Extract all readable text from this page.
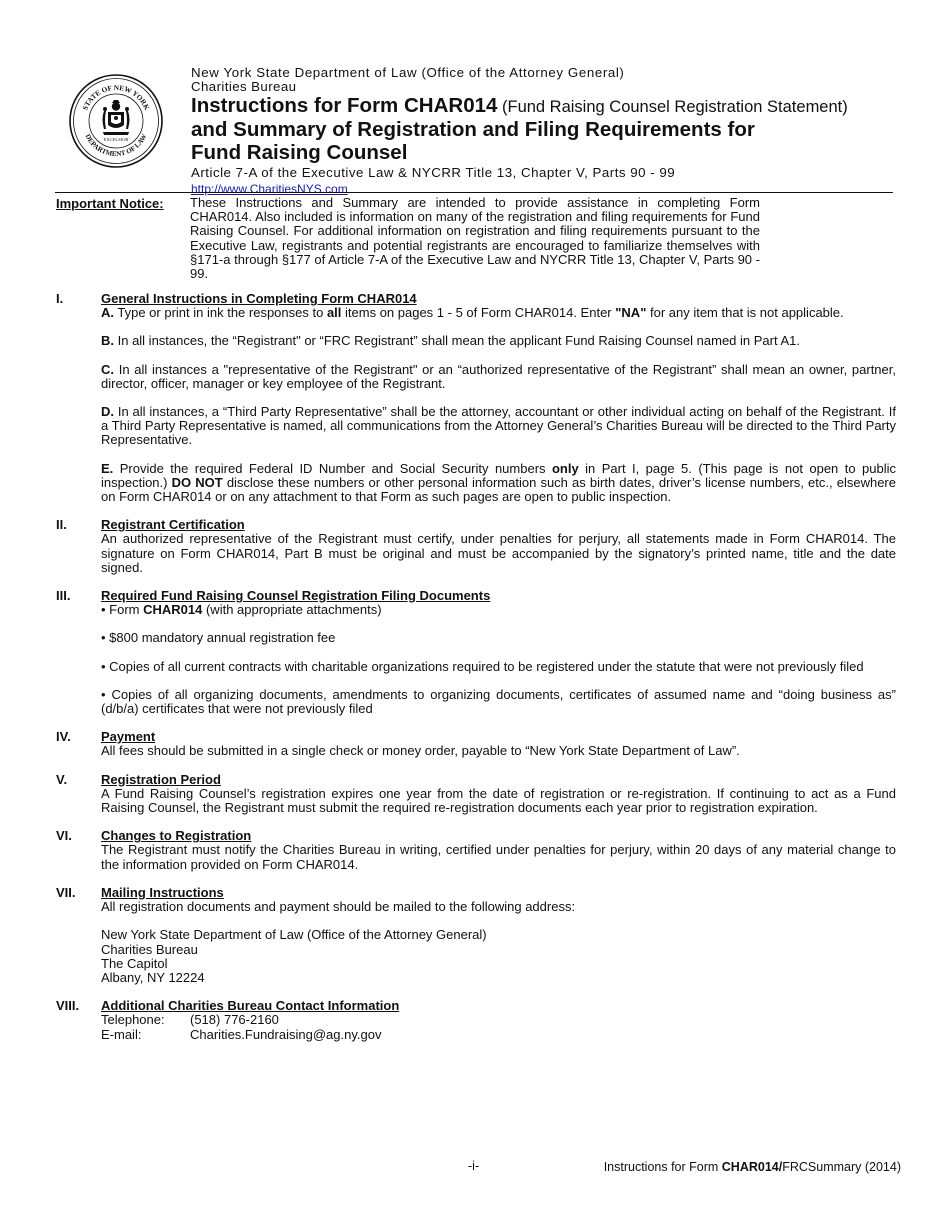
STATE OF NEW YORK
DEPARTMENT OF LAW
EXCELSIOR
New York State Department of Law (Office of the Attorney General)
Charities Bureau
Instructions for Form CHAR014 (Fund Raising Counsel Registration Statement)
and Summary of Registration and Filing Requirements for
Fund Raising Counsel
Article 7-A of the Executive Law & NYCRR Title 13, Chapter V, Parts 90 - 99
http://www.CharitiesNYS.com
Important Notice: These Instructions and Summary are intended to provide assistance in completing Form CHAR014. Also included is information on many of the registration and filing requirements for Fund Raising Counsel. For additional information on registration and filing requirements pursuant to the Executive Law, registrants and potential registrants are encouraged to familiarize themselves with §171-a through §177 of Article 7-A of the Executive Law and NYCRR Title 13, Chapter V, Parts 90 - 99.
I.	General Instructions in Completing Form CHAR014

A. Type or print in ink the responses to all items on pages 1 - 5 of Form CHAR014. Enter "NA" for any item that is not applicable.

B. In all instances, the “Registrant" or “FRC Registrant” shall mean the applicant Fund Raising Counsel named in Part A1.

C. In all instances a "representative of the Registrant" or an “authorized representative of the Registrant” shall mean an owner, partner, director, officer, manager or key employee of the Registrant.

D. In all instances, a “Third Party Representative” shall be the attorney, accountant or other individual acting on behalf of the Registrant. If a Third Party Representative is named, all communications from the Attorney General’s Charities Bureau will be directed to the Third Party Representative.

E. Provide the required Federal ID Number and Social Security numbers only in Part I, page 5. (This page is not open to public inspection.) DO NOT disclose these numbers or other personal information such as birth dates, driver’s license numbers, etc., elsewhere on Form CHAR014 or on any attachment to that Form as such pages are open to public inspection.

II.	Registrant Certification

An authorized representative of the Registrant must certify, under penalties for perjury, all statements made in Form CHAR014. The signature on Form CHAR014, Part B must be original and must be accompanied by the signatory’s printed name, title and the date signed.

III. Required Fund Raising Counsel Registration Filing Documents

• Form CHAR014 (with appropriate attachments)

• $800 mandatory annual registration fee

• Copies of all current contracts with charitable organizations required to be registered under the statute that were not previously filed

• Copies of all organizing documents, amendments to organizing documents, certificates of assumed name and “doing business as” (d/b/a) certificates that were not previously filed

IV. Payment

All fees should be submitted in a single check or money order, payable to “New York State Department of Law”.

V.	Registration Period

A Fund Raising Counsel’s registration expires one year from the date of registration or re-registration. If continuing to act as a Fund Raising Counsel, the Registrant must submit the required re-registration documents each year prior to registration expiration.

VI. Changes to Registration

The Registrant must notify the Charities Bureau in writing, certified under penalties for perjury, within 20 days of any material change to the information provided on Form CHAR014.

VII. Mailing Instructions

All registration documents and payment should be mailed to the following address:

New York State Department of Law (Office of the Attorney General)
Charities Bureau
The Capitol
Albany, NY 12224
VIII. Additional Charities Bureau Contact Information
Telephone:	(518) 776-2160
E-mail:	Charities.Fundraising@ag.ny.gov
-i-	Instructions for Form CHAR014/FRCSummary (2014)
